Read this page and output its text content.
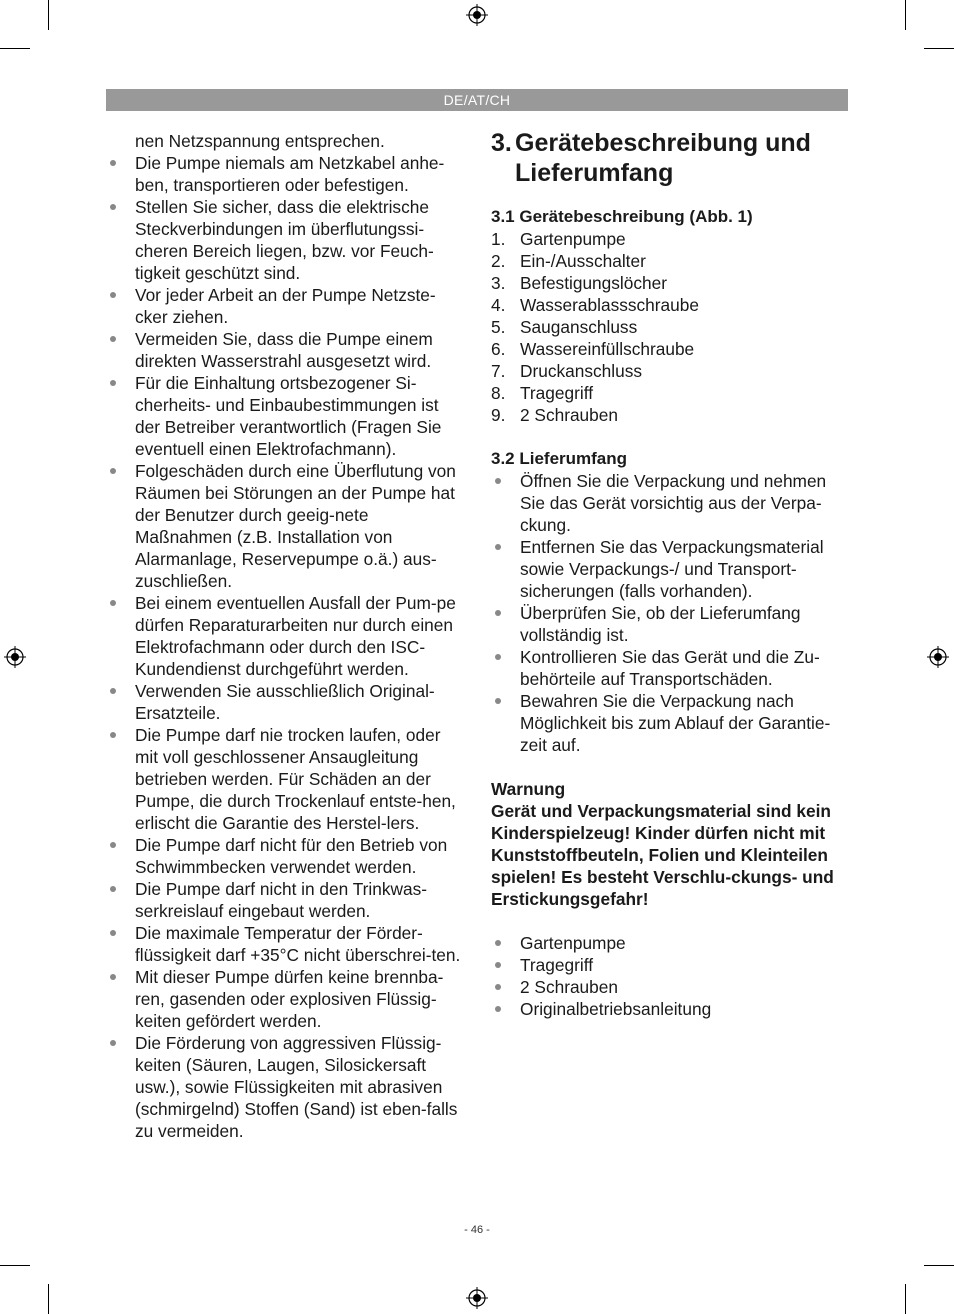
DE/AT/CH

nen Netzspannung entsprechen.

Die Pumpe niemals am Netzkabel anhe-ben, transportieren oder befestigen.
Stellen Sie sicher, dass die elektrische Steckverbindungen im überflutungssi-cheren Bereich liegen, bzw. vor Feuch-tigkeit geschützt sind.
Vor jeder Arbeit an der Pumpe Netzste-cker ziehen.
Vermeiden Sie, dass die Pumpe einem direkten Wasserstrahl ausgesetzt wird.
Für die Einhaltung ortsbezogener Si-cherheits- und Einbaubestimmungen ist der Betreiber verantwortlich (Fragen Sie eventuell einen Elektrofachmann).
Folgeschäden durch eine Überflutung von Räumen bei Störungen an der Pumpe hat der Benutzer durch geeig-nete Maßnahmen (z.B. Installation von Alarmanlage, Reservepumpe o.ä.) aus-zuschließen.
Bei einem eventuellen Ausfall der Pum-pe dürfen Reparaturarbeiten nur durch einen Elektrofachmann oder durch den ISC-Kundendienst durchgeführt werden.
Verwenden Sie ausschließlich Original-Ersatzteile.
Die Pumpe darf nie trocken laufen, oder mit voll geschlossener Ansaugleitung betrieben werden. Für Schäden an der Pumpe, die durch Trockenlauf entste-hen, erlischt die Garantie des Herstel-lers.
Die Pumpe darf nicht für den Betrieb von Schwimmbecken verwendet werden.
Die Pumpe darf nicht in den Trinkwas-serkreislauf eingebaut werden.
Die maximale Temperatur der Förder-flüssigkeit darf +35°C nicht überschrei-ten.
Mit dieser Pumpe dürfen keine brennba-ren, gasenden oder explosiven Flüssig-keiten gefördert werden.
Die Förderung von aggressiven Flüssig-keiten (Säuren, Laugen, Silosickersaft usw.), sowie Flüssigkeiten mit abrasiven (schmirgelnd) Stoffen (Sand) ist eben-falls zu vermeiden.
3. Gerätebeschreibung und
Lieferumfang
3.1 Gerätebeschreibung (Abb. 1)
1. Gartenpumpe
2. Ein-/Ausschalter
3. Befestigungslöcher
4. Wasserablassschraube
5. Sauganschluss
6. Wassereinfüllschraube
7. Druckanschluss
8. Tragegriff
9. 2 Schrauben
3.2 Lieferumfang
Öffnen Sie die Verpackung und nehmen Sie das Gerät vorsichtig aus der Verpa-ckung.
Entfernen Sie das Verpackungsmaterial sowie Verpackungs-/ und Transport-sicherungen (falls vorhanden).
Überprüfen Sie, ob der Lieferumfang vollständig ist.
Kontrollieren Sie das Gerät und die Zu-behörteile auf Transportschäden.
Bewahren Sie die Verpackung nach Möglichkeit bis zum Ablauf der Garantie-zeit auf.
Warnung
Gerät und Verpackungsmaterial sind kein Kinderspielzeug! Kinder dürfen nicht mit Kunststoffbeuteln, Folien und Kleinteilen spielen! Es besteht Verschlu-ckungs- und Erstickungsgefahr!
Gartenpumpe
Tragegriff
2 Schrauben
Originalbetriebsanleitung
- 46 -
